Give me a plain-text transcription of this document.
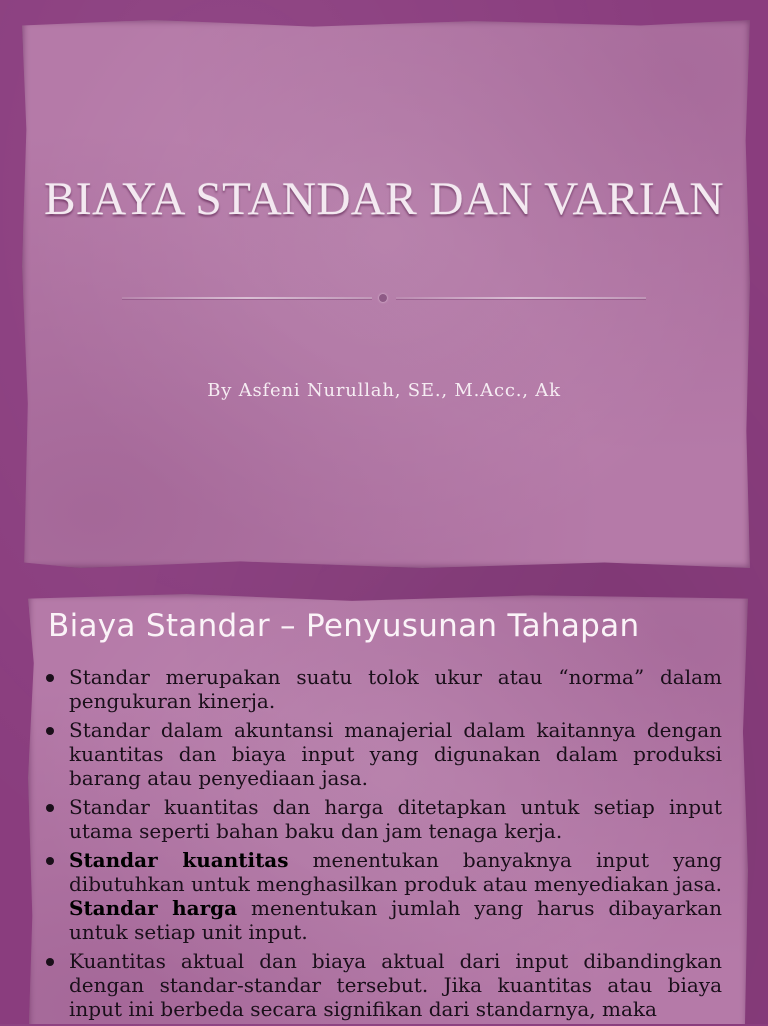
BIAYA STANDAR DAN VARIAN
By Asfeni Nurullah, SE., M.Acc., Ak
Biaya Standar – Penyusunan Tahapan
Standar merupakan suatu tolok ukur atau “norma” dalam pengukuran kinerja.
Standar dalam akuntansi manajerial dalam kaitannya dengan kuantitas dan biaya input yang digunakan dalam produksi barang atau penyediaan jasa.
Standar kuantitas dan harga ditetapkan untuk setiap input utama seperti bahan baku dan jam tenaga kerja.
Standar kuantitas menentukan banyaknya input yang dibutuhkan untuk menghasilkan produk atau menyediakan jasa. Standar harga menentukan jumlah yang harus dibayarkan untuk setiap unit input.
Kuantitas aktual dan biaya aktual dari input dibandingkan dengan standar-standar tersebut. Jika kuantitas atau biaya input ini berbeda secara signifikan dari standarnya, maka
